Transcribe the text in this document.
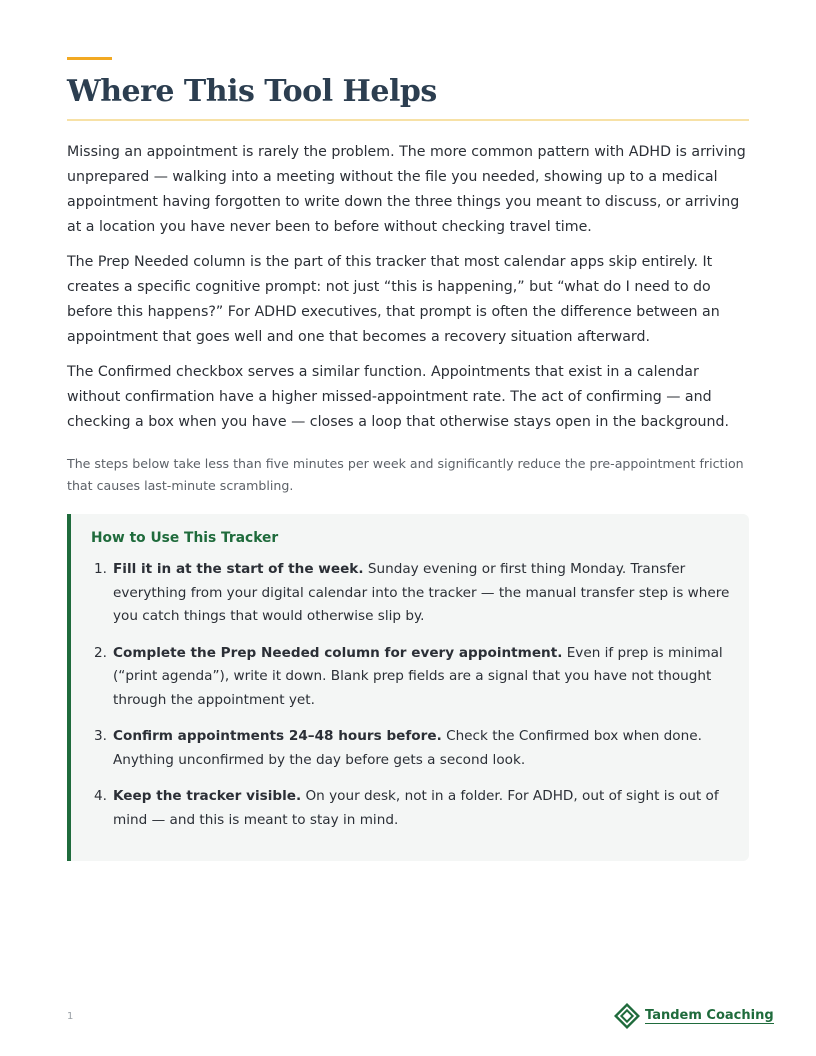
Where This Tool Helps

Missing an appointment is rarely the problem. The more common pattern with ADHD is arriving unprepared — walking into a meeting without the file you needed, showing up to a medical appointment having forgotten to write down the three things you meant to discuss, or arriving at a location you have never been to before without checking travel time.

The Prep Needed column is the part of this tracker that most calendar apps skip entirely. It creates a specific cognitive prompt: not just “this is happening,” but “what do I need to do before this happens?” For ADHD executives, that prompt is often the difference between an appointment that goes well and one that becomes a recovery situation afterward.

The Confirmed checkbox serves a similar function. Appointments that exist in a calendar without confirmation have a higher missed-appointment rate. The act of confirming — and checking a box when you have — closes a loop that otherwise stays open in the background.

The steps below take less than five minutes per week and significantly reduce the pre-appointment friction that causes last-minute scrambling.

How to Use This Tracker
1. Fill it in at the start of the week. Sunday evening or first thing Monday. Transfer everything from your digital calendar into the tracker — the manual transfer step is where you catch things that would otherwise slip by.
2. Complete the Prep Needed column for every appointment. Even if prep is minimal (“print agenda”), write it down. Blank prep fields are a signal that you have not thought through the appointment yet.
3. Confirm appointments 24–48 hours before. Check the Confirmed box when done. Anything unconfirmed by the day before gets a second look.
4. Keep the tracker visible. On your desk, not in a folder. For ADHD, out of sight is out of mind — and this is meant to stay in mind.
1	Tandem Coaching
